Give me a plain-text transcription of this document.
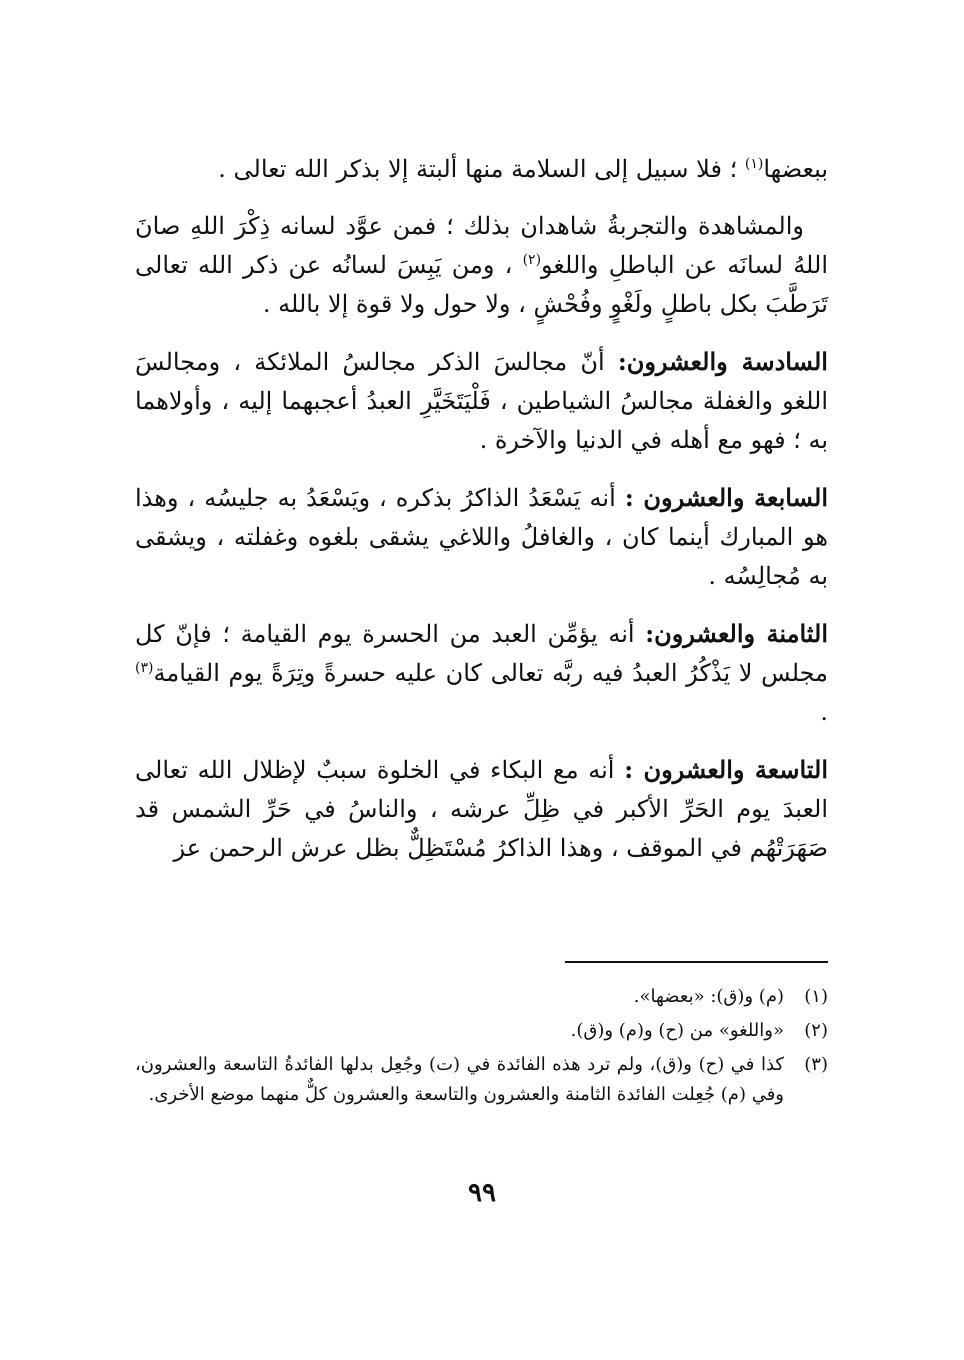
ببعضها$^{(١)}$ ؛ فلا سبيل إلى السلامة منها ألبتة إلا بذكر الله تعالى .

والمشاهدة والتجربةُ شاهدان بذلك ؛ فمن عوَّد لسانه ذِكْرَ اللهِ صانَ اللهُ لسانَه عن الباطلِ واللغو$^{(٢)}$ ، ومن يَبِسَ لسانُه عن ذكر الله تعالى تَرَطَّبَ بكل باطلٍ ولَغْوٍ وفُحْشٍ ، ولا حول ولا قوة إلا بالله .

السادسة والعشرون: أنّ مجالسَ الذكر مجالسُ الملائكة ، ومجالسَ اللغو والغفلة مجالسُ الشياطين ، فَلْيَتَخَيَّرِ العبدُ أعجبهما إليه ، وأولاهما به ؛ فهو مع أهله في الدنيا والآخرة .

السابعة والعشرون : أنه يَسْعَدُ الذاكرُ بذكره ، ويَسْعَدُ به جليسُه ، وهذا هو المبارك أينما كان ، والغافلُ واللاغي يشقى بلغوه وغفلته ، ويشقى به مُجالِسُه .

الثامنة والعشرون: أنه يؤمِّن العبد من الحسرة يوم القيامة ؛ فإنّ كل مجلس لا يَذْكُرُ العبدُ فيه ربَّه تعالى كان عليه حسرةً وتِرَةً يوم القيامة$^{(٣)}$ .

التاسعة والعشرون : أنه مع البكاء في الخلوة سببٌ لإظلال الله تعالى العبدَ يوم الحَرِّ الأكبر في ظِلِّ عرشه ، والناسُ في حَرِّ الشمس قد صَهَرَتْهُم في الموقف ، وهذا الذاكرُ مُسْتَظِلٌّ بظل عرش الرحمن عز

(١)
(م) و(ق): «بعضها».
(٢)
«واللغو» من (ح) و(م) و(ق).
(٣)
كذا في (ح) و(ق)، ولم ترد هذه الفائدة في (ت) وجُعِل بدلها الفائدةُ التاسعة والعشرون، وفي (م) جُعِلت الفائدة الثامنة والعشرون والتاسعة والعشرون كلٌّ منهما موضع الأخرى.
٩٩
